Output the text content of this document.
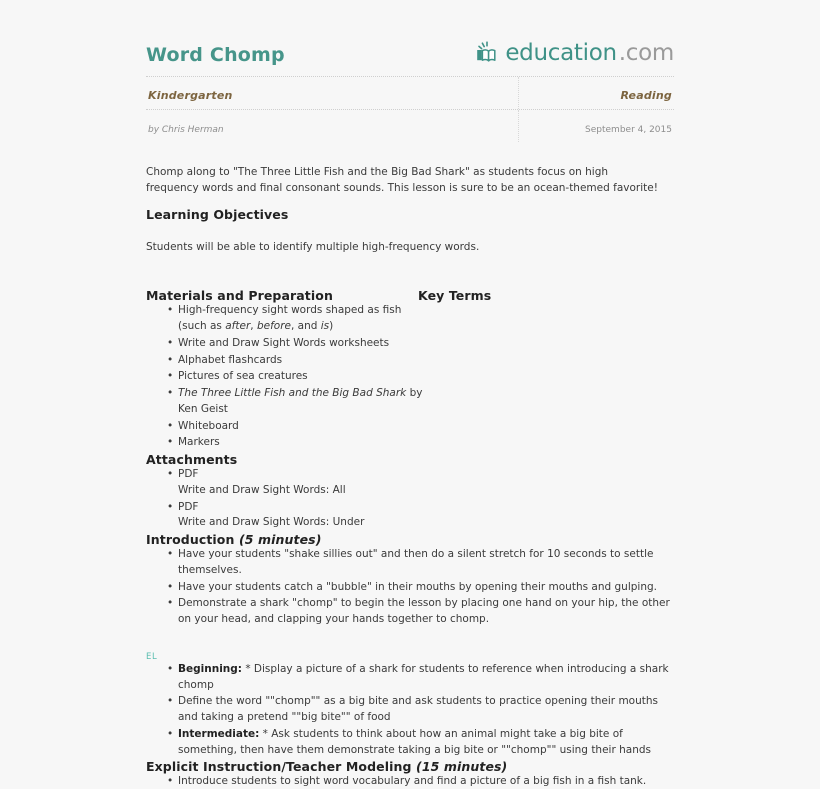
Word Chomp	education .com
Kindergarten	Reading
by Chris Herman	September 4, 2015

Chomp along to "The Three Little Fish and the Big Bad Shark" as students focus on high frequency words and final consonant sounds. This lesson is sure to be an ocean-themed favorite!

Learning Objectives
Students will be able to identify multiple high-frequency words.
Materials and Preparation	Key Terms
• High-frequency sight words shaped as fish (such as after, before, and is)
• Write and Draw Sight Words worksheets
• Alphabet flashcards
• Pictures of sea creatures
• The Three Little Fish and the Big Bad Shark by Ken Geist
• Whiteboard
• Markers
Attachments
• PDF
Write and Draw Sight Words: All
• PDF
Write and Draw Sight Words: Under
Introduction (5 minutes)
• Have your students "shake sillies out" and then do a silent stretch for 10 seconds to settle themselves.
• Have your students catch a "bubble" in their mouths by opening their mouths and gulping.
• Demonstrate a shark "chomp" to begin the lesson by placing one hand on your hip, the other on your head, and clapping your hands together to chomp.
EL
• Beginning: * Display a picture of a shark for students to reference when introducing a shark chomp
• Define the word ""chomp"" as a big bite and ask students to practice opening their mouths and taking a pretend ""big bite"" of food
• Intermediate: * Ask students to think about how an animal might take a big bite of something, then have them demonstrate taking a big bite or ""chomp"" using their hands
Explicit Instruction/Teacher Modeling (15 minutes)
• Introduce students to sight word vocabulary and find a picture of a big fish in a fish tank.
